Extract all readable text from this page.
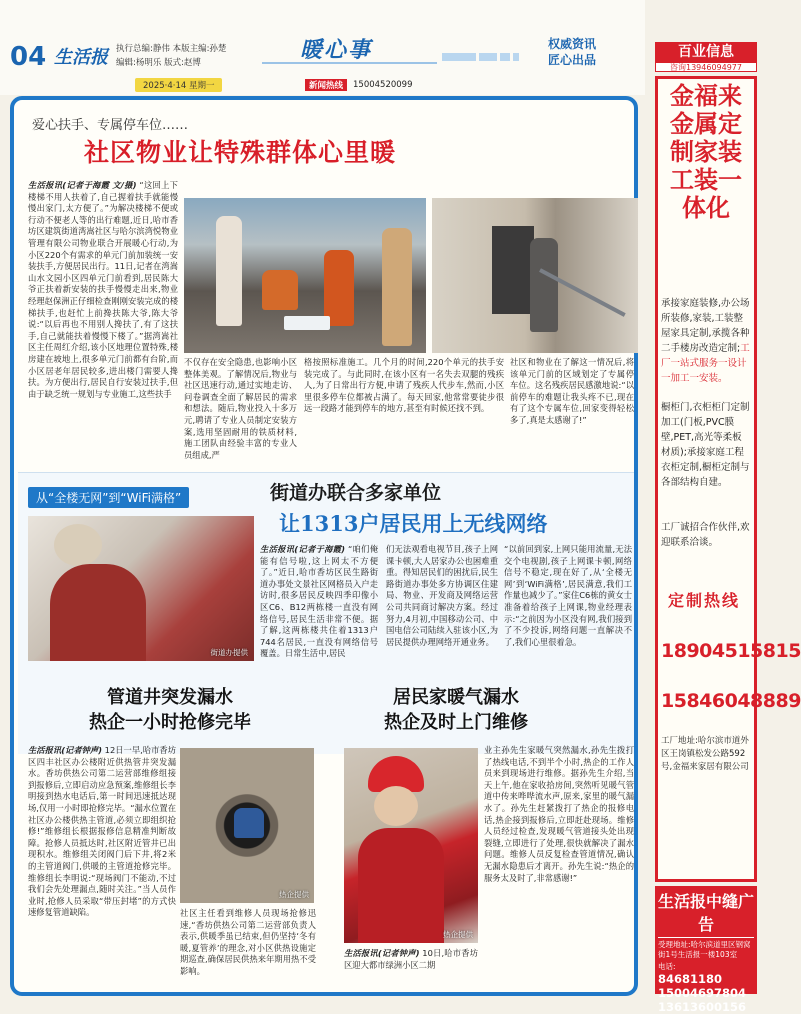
04 生活报 执行总编:静伟 本版主编:孙楚
编辑:杨明乐 版式:赵博	暖心事	权威资讯
匠心出品
2025·4·14 星期一	新闻热线	15004520099
爱心扶手、专属停车位……
社区物业让特殊群体心里暖
生活报讯(记者于海霞 文/摄) “这回上下楼梯不用人扶着了,自己握着扶手就能慢慢出家门,太方便了。”为解决楼梯不便或行动不便老人等的出行难题,近日,哈市香坊区建筑街道湾嵩社区与哈尔滨湾悦物业管理有限公司物业联合开展暖心行动,为小区220个有需求的单元门前加装统一安装扶手,方便居民出行。11日,记者在湾嵩山水文园小区四单元门前看到,居民陈大爷正扶着新安装的扶手慢慢走出来,物业经理赵保洲正仔细检查刚刚安装完成的楼梯扶手,也赶忙上前搀扶陈大爷,陈大爷说:“以后再也不用别人搀扶了,有了这扶手,自己就能扶着慢慢下楼了。”据湾嵩社区主任周红介绍,该小区地理位置特殊,楼房建在坡地上,很多单元门前都有台阶,而小区居老年居民较多,进出楼门需要人搀扶。为方便出行,居民自行安装过扶手,但由于缺乏统一规划与专业施工,这些扶手
不仅存在安全隐患,也影响小区整体美观。了解情况后,物业与社区迅速行动,通过实地走访、问卷调查全面了解居民的需求和想法。随后,物业投入十多万元,聘请了专业人员制定安装方案,选用坚固耐用的铁质材料,施工团队由经验丰富的专业人员组成,严
格按照标准施工。几个月的时间,220个单元的扶手安装完成了。与此同时,在该小区有一名失去双腿的残疾人,为了日常出行方便,申请了残疾人代步车,然而,小区里很多停车位都被占满了。每天回家,他常常要徒步很远一段路才能到停车的地方,甚至有时候还找不到。
社区和物业在了解这一情况后,将该单元门前的区域划定了专属停车位。这名残疾居民感激地说:“以前停车的难题让我头疼不已,现在有了这个专属车位,回家变得轻松多了,真是太感谢了!”
从“全楼无网”到“WiFi满格”	街道办联合多家单位
让1313户居民用上无线网络
街道办提供
生活报讯(记者于海霞) “咱们俺能有信号啦,这上网太不方便了。”近日,哈市香坊区民生路街道办事处文景社区网格员入户走访时,很多居民反映四季印像小区C6、B12两栋楼一直没有网络信号,居民生活非常不便。据了解,这两栋楼共住着1313户744名居民,一直没有网络信号覆盖。日常生活中,居民
们无法观看电视节目,孩子上网课卡顿,大人居家办公也困难重重。得知居民们的困扰后,民生路街道办事处多方协调区住建局、物业、开发商及网络运营公司共同商讨解决方案。经过努力,4月初,中国移动公司、中国电信公司陆续入驻该小区,为居民提供办理网络开通业务。
“以前回到家,上网只能用流量,无法交个电视剧,孩子上网课卡顿,网络信号不稳定,现在好了,从‘全楼无网’到‘WiFi满格’,居民满意,我们工作量也减少了。”家住C6栋的黄女士准备着给孩子上网课,物业经理表示:“之前因为小区没有网,我们接到了不少投诉,网络问题一直解决不了,我们心里很着急。
管道井突发漏水
热企一小时抢修完毕
生活报讯(记者钟声) 12日一早,哈市香坊区四丰社区办公楼附近供热管井突发漏水。香坊供热公司第二运营部维修组接到报修后,立即启动应急预案,维修组长李明接到热水电话后,第一时间迅速抵达现场,仅用一小时即抢修完毕。“漏水位置在社区办公楼供热主管道,必须立即组织抢修!”维修组长根据报修信息精准判断故障。抢修人员抵达时,社区附近管井已出现积水。维修组关闭阀门后下井,将2米的主管道阀门,供暖的主管道抢修完毕。维修组长李明说:“现场阀门不能动,不过我们会先处理漏点,随时关注。”当人员作业时,抢修人员采取“带压封堵”的方式快速修复管道缺陷。
热企提供
社区主任看到维修人员现场抢修迅速,“香坊供热公司第二运营部负责人表示,供暖季虽已结束,但仍坚持‘冬有暖,夏管养’的理念,对小区供热设施定期巡查,确保居民供热来年期用热不受影响。
居民家暖气漏水
热企及时上门维修
热企提供
生活报讯(记者钟声) 10日,哈市香坊区迎大都市绿洲小区二期
业主孙先生家暖气突然漏水,孙先生拨打了热线电话,不到半个小时,热企的工作人员来到现场进行维修。据孙先生介绍,当天上午,他在家收拾房间,突然听见暖气管道中传来哗哗流水声,原来,家里的暖气漏水了。孙先生赶紧拨打了热企的报修电话,热企接到报修后,立即赶赴现场。维修人员经过检查,发现暖气管道接头处出现裂缝,立即进行了处理,很快就解决了漏水问题。维修人员反复检查管道情况,确认无漏水隐患后才离开。孙先生说:“热企的服务太及时了,非常感谢!”
百业信息
咨询13946094977
金福来金属定制家装工装一体化
承接家庭装修,办公场所装修,家装,工装整屋家具定制,承揽各种二手楼房改造定制;工厂一站式服务一设计一加工一安装。
橱柜门,衣柜柜门定制加工(门板,PVC膜壁,PET,高光等柔板材质);承接家庭工程衣柜定制,橱柜定制与各部结构自建。
工厂诚招合作伙伴,欢迎联系洽谈。
定制热线
18904515815
15846048889
工厂地址:哈尔滨市道外区王岗镇松发公路592号,金福来家居有限公司
生活报中缝广告
受理地址:哈尔滨道里区钢窝街1号生活报一楼103室
电话:
84681180
15004697804
13613600156
